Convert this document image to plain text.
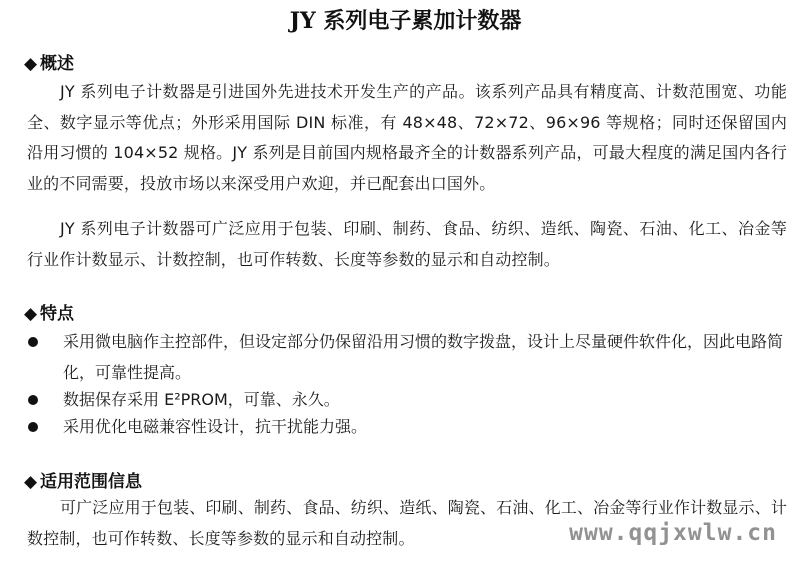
JY 系列电子累加计数器
◆ 概述

JY 系列电子计数器是引进国外先进技术开发生产的产品。该系列产品具有精度高、计数范围宽、功能全、数字显示等优点；外形采用国际 DIN 标准，有 48×48、72×72、96×96 等规格；同时还保留国内沿用习惯的 104×52 规格。JY 系列是目前国内规格最齐全的计数器系列产品，可最大程度的满足国内各行业的不同需要，投放市场以来深受用户欢迎，并已配套出口国外。

JY 系列电子计数器可广泛应用于包装、印刷、制药、食品、纺织、造纸、陶瓷、石油、化工、冶金等行业作计数显示、计数控制，也可作转数、长度等参数的显示和自动控制。

◆ 特点
采用微电脑作主控部件，但设定部分仍保留沿用习惯的数字拨盘，设计上尽量硬件软件化，因此电路简化，可靠性提高。
数据保存采用 E²PROM，可靠、永久。
采用优化电磁兼容性设计，抗干扰能力强。
◆ 适用范围信息

可广泛应用于包装、印刷、制药、食品、纺织、造纸、陶瓷、石油、化工、冶金等行业作计数显示、计数控制，也可作转数、长度等参数的显示和自动控制。	www.qqjxwlw.cn
